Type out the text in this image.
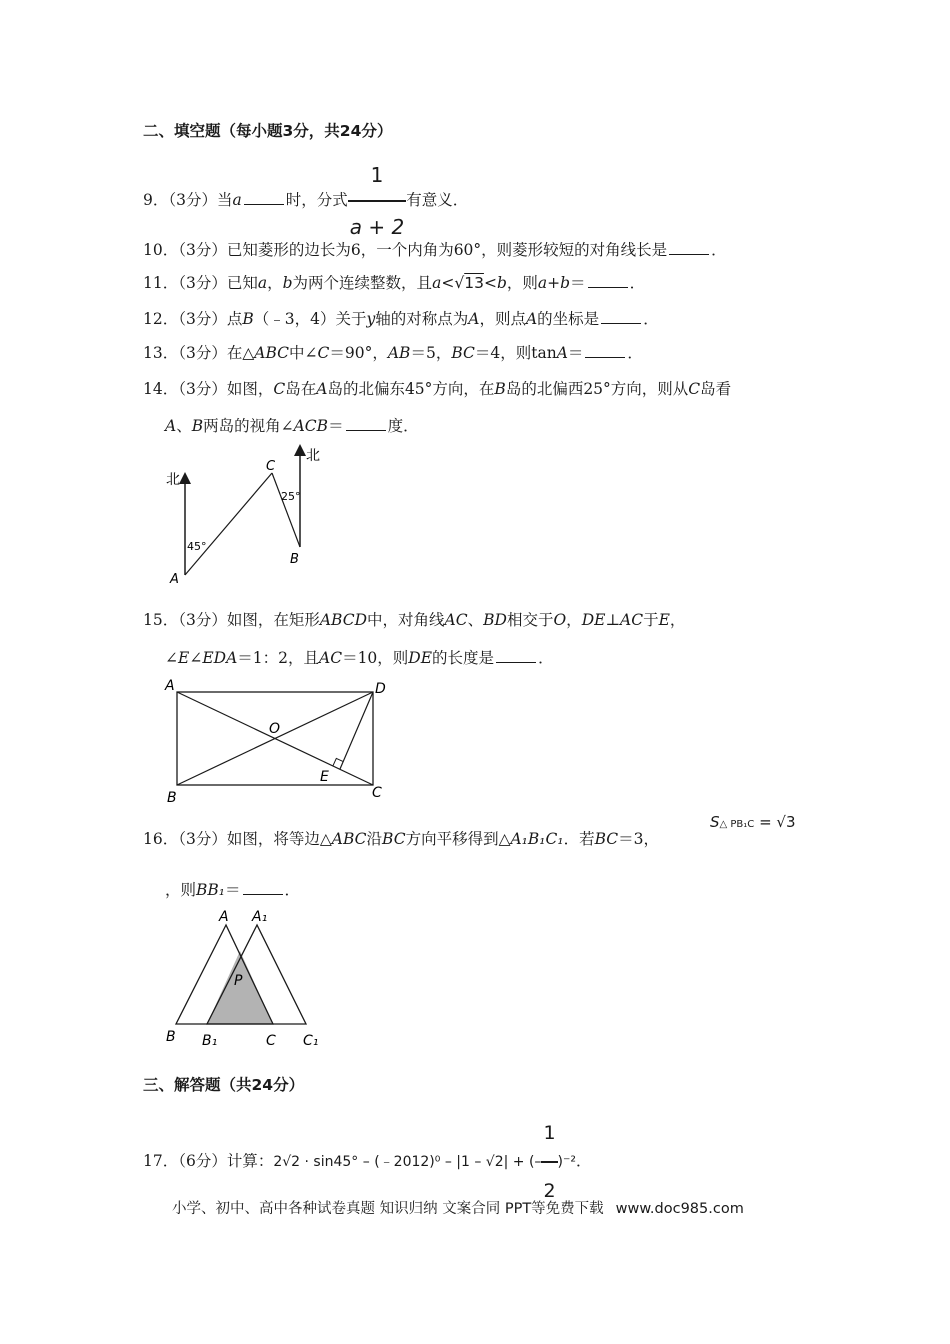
二、填空题（每小题3分，共24分）
9．（3分）当a	时，分式 $\frac{1}{a + 2}$ 有意义．
10．（3分）已知菱形的边长为6，一个内角为60°，则菱形较短的对角线长是	．
11．（3分）已知a，b为两个连续整数，且a<√13<b，则a+b＝	．
12．（3分）点B（﹣3，4）关于y轴的对称点为A，则点A的坐标是	．
13．（3分）在△ABC中∠C＝90°，AB＝5，BC＝4，则tanA＝	．
14．（3分）如图，C岛在A岛的北偏东45°方向，在B岛的北偏西25°方向，则从C岛看
A、B两岛的视角∠ACB＝	度．
北
北
45°
25°
A
B
C
15．（3分）如图，在矩形ABCD中，对角线AC、BD相交于O，DE⊥AC于E，
∠E∠EDA＝1：2，且AC＝10，则DE的长度是	．
A
B	C
D
O
E
16．（3分）如图，将等边△ABC沿BC方向平移得到△A₁B₁C₁．若BC＝3，
S△ PB₁C = √3
，则BB₁＝	．
A A₁
B B₁	C C₁
P
三、解答题（共24分）
17．（6分）计算：2√2 · sin45° – (﹣2012)⁰ – |1 – √2| + (– $\frac{1}{2} )^{-2}$．
小学、初中、高中各种试卷真题 知识归纳 文案合同 PPT等免费下载 www.doc985.com
